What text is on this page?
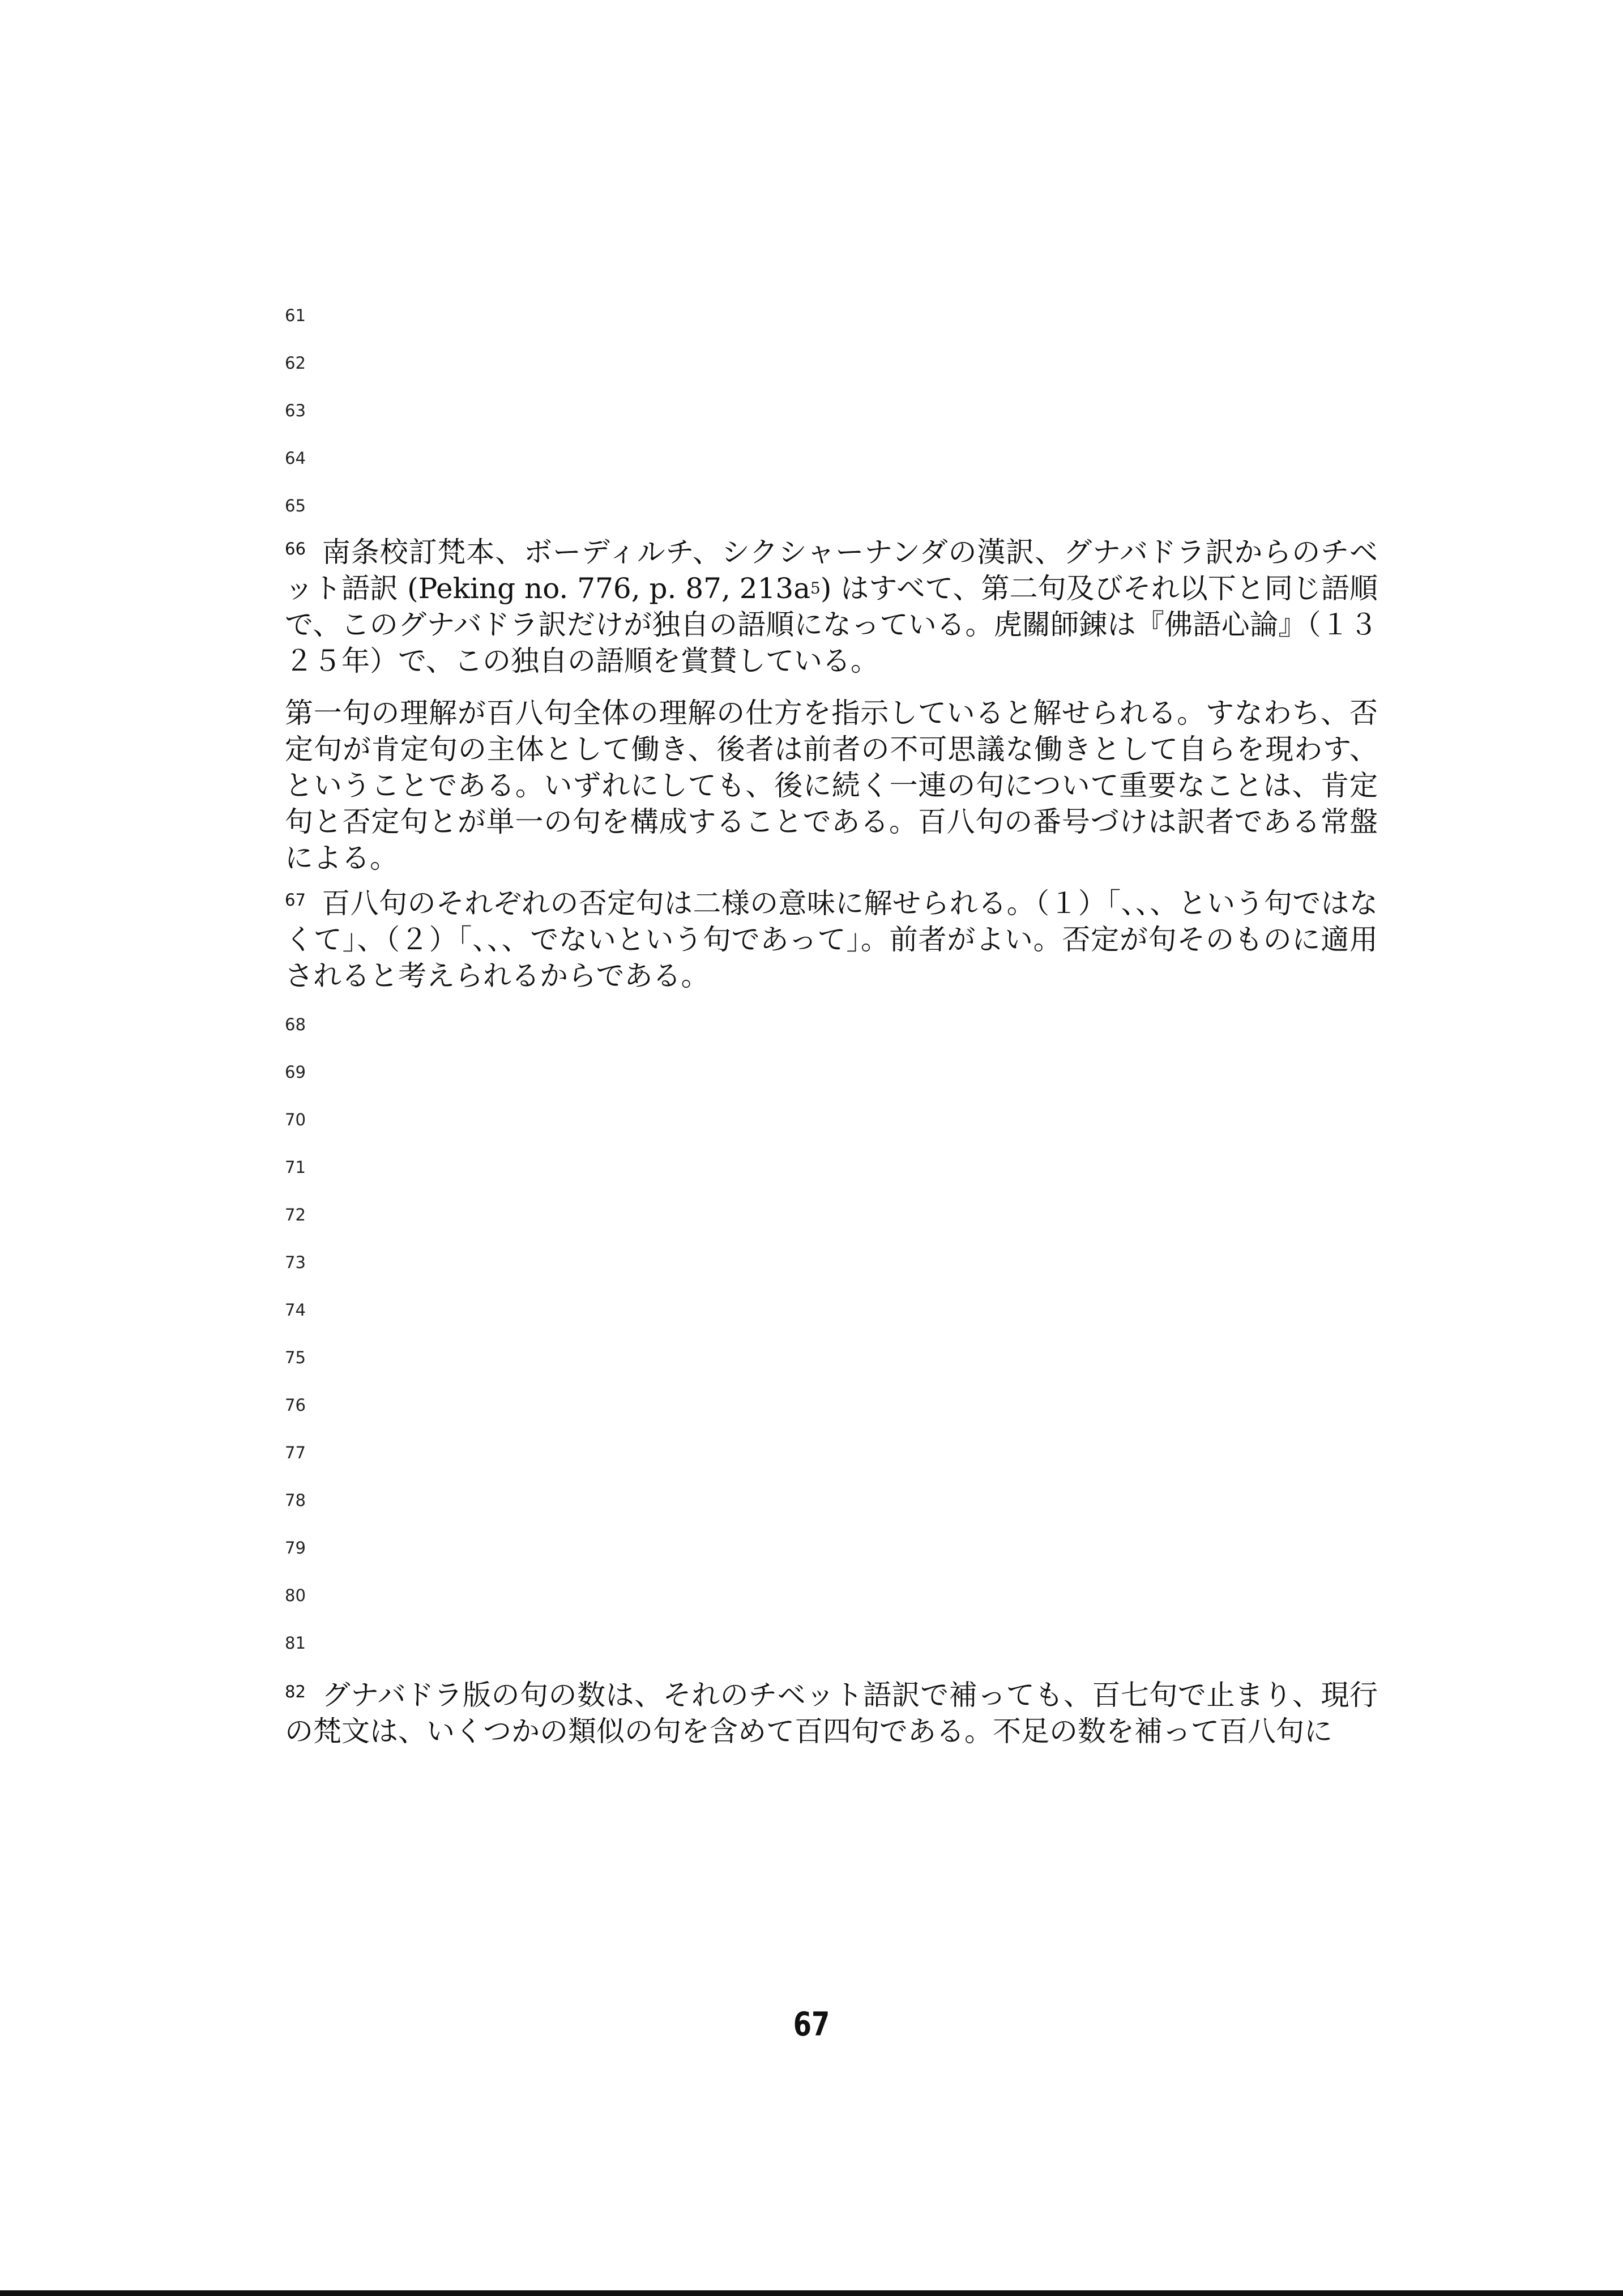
61
62
63
64
65

$^{66}$ 南条校訂梵本、ボーディルチ、シクシャーナンダの漢訳、グナバドラ訳からのチベット語訳 (Peking no. 776, p. 87, $213a^5$) はすべて、第二句及びそれ以下と同じ語順で、このグナバドラ訳だけが独自の語順になっている。虎關師錬は『佛語心論』（１３２５年）で、この独自の語順を賞賛している。

第一句の理解が百八句全体の理解の仕方を指示していると解せられる。すなわち、否定句が肯定句の主体として働き、後者は前者の不可思議な働きとして自らを現わす、ということである。いずれにしても、後に続く一連の句について重要なことは、肯定句と否定句とが単一の句を構成することである。百八句の番号づけは訳者である常盤による。

$^{67}$ 百八句のそれぞれの否定句は二様の意味に解せられる。（１）「、、、という句ではなくて」、（２）「、、、でないという句であって」。前者がよい。否定が句そのものに適用されると考えられるからである。

68
69
70
71
72
73
74
75
76
77
78
79
80
81

$^{82}$ グナバドラ版の句の数は、それのチベット語訳で補っても、百七句で止まり、現行の梵文は、いくつかの類似の句を含めて百四句である。不足の数を補って百八句に

67
